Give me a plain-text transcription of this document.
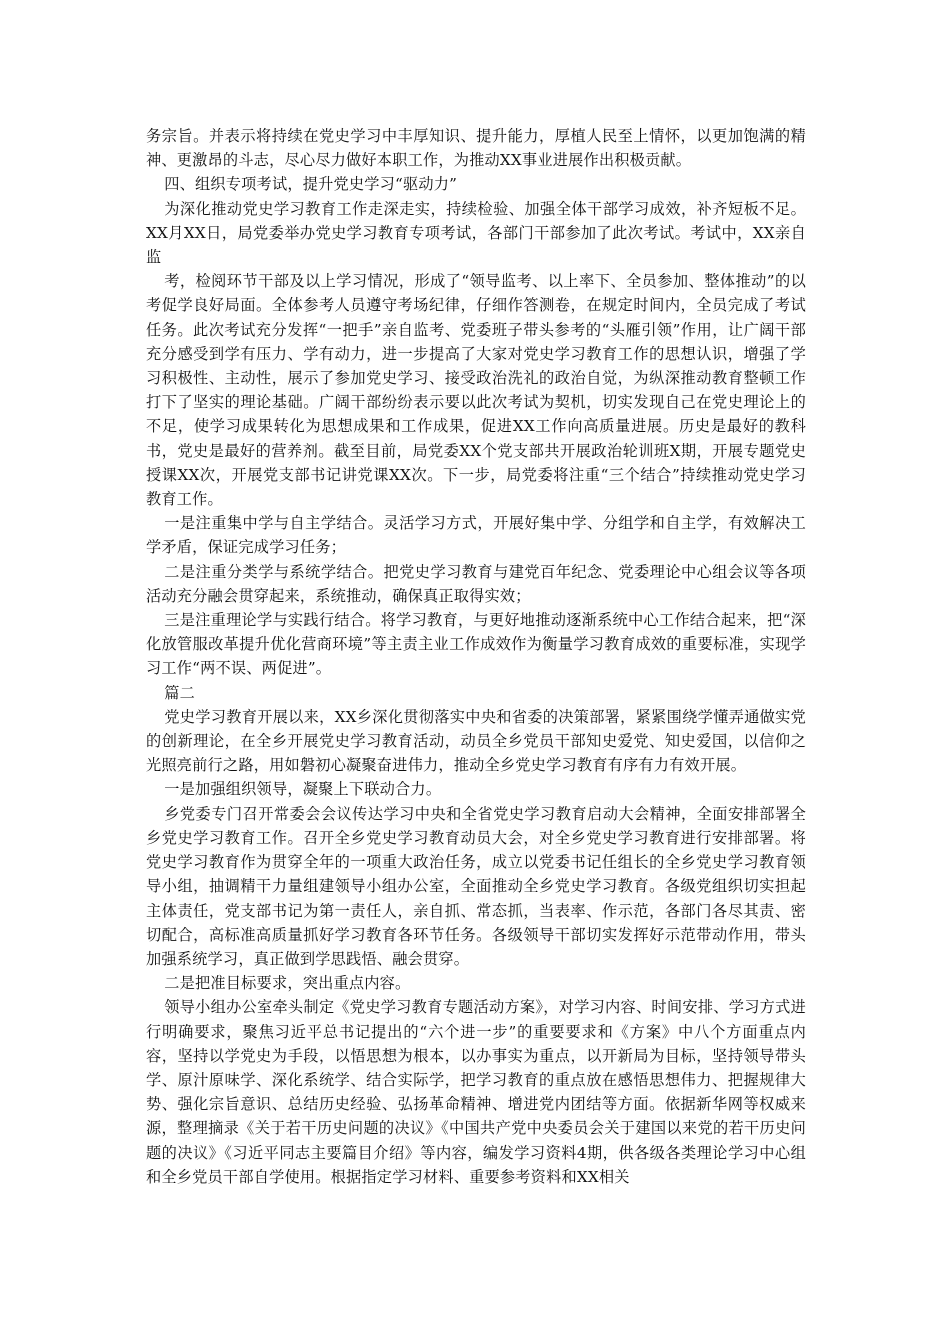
务宗旨。并表示将持续在党史学习中丰厚知识、提升能力，厚植人民至上情怀，以更加饱满的精神、更激昂的斗志，尽心尽力做好本职工作，为推动XX事业进展作出积极贡献。

四、组织专项考试，提升党史学习“驱动力”

为深化推动党史学习教育工作走深走实，持续检验、加强全体干部学习成效，补齐短板不足。XX月XX日，局党委举办党史学习教育专项考试，各部门干部参加了此次考试。考试中，XX亲自监

考，检阅环节干部及以上学习情况，形成了“领导监考、以上率下、全员参加、整体推动”的以考促学良好局面。全体参考人员遵守考场纪律，仔细作答测卷，在规定时间内，全员完成了考试任务。此次考试充分发挥“一把手”亲自监考、党委班子带头参考的“头雁引领”作用，让广阔干部充分感受到学有压力、学有动力，进一步提高了大家对党史学习教育工作的思想认识，增强了学习积极性、主动性，展示了参加党史学习、接受政治洗礼的政治自觉，为纵深推动教育整顿工作打下了坚实的理论基础。广阔干部纷纷表示要以此次考试为契机，切实发现自己在党史理论上的不足，使学习成果转化为思想成果和工作成果，促进XX工作向高质量进展。历史是最好的教科书，党史是最好的营养剂。截至目前，局党委XX个党支部共开展政治轮训班X期，开展专题党史授课XX次，开展党支部书记讲党课XX次。下一步，局党委将注重“三个结合”持续推动党史学习教育工作。

一是注重集中学与自主学结合。灵活学习方式，开展好集中学、分组学和自主学，有效解决工学矛盾，保证完成学习任务；

二是注重分类学与系统学结合。把党史学习教育与建党百年纪念、党委理论中心组会议等各项活动充分融会贯穿起来，系统推动，确保真正取得实效；

三是注重理论学与实践行结合。将学习教育，与更好地推动逐渐系统中心工作结合起来，把“深化放管服改革提升优化营商环境”等主责主业工作成效作为衡量学习教育成效的重要标准，实现学习工作“两不误、两促进”。

篇二

党史学习教育开展以来，XX乡深化贯彻落实中央和省委的决策部署，紧紧围绕学懂弄通做实党的创新理论，在全乡开展党史学习教育活动，动员全乡党员干部知史爱党、知史爱国，以信仰之光照亮前行之路，用如磐初心凝聚奋进伟力，推动全乡党史学习教育有序有力有效开展。

一是加强组织领导，凝聚上下联动合力。

乡党委专门召开常委会会议传达学习中央和全省党史学习教育启动大会精神，全面安排部署全乡党史学习教育工作。召开全乡党史学习教育动员大会，对全乡党史学习教育进行安排部署。将党史学习教育作为贯穿全年的一项重大政治任务，成立以党委书记任组长的全乡党史学习教育领导小组，抽调精干力量组建领导小组办公室，全面推动全乡党史学习教育。各级党组织切实担起主体责任，党支部书记为第一责任人，亲自抓、常态抓，当表率、作示范，各部门各尽其责、密切配合，高标准高质量抓好学习教育各环节任务。各级领导干部切实发挥好示范带动作用，带头加强系统学习，真正做到学思践悟、融会贯穿。

二是把准目标要求，突出重点内容。

领导小组办公室牵头制定《党史学习教育专题活动方案》，对学习内容、时间安排、学习方式进行明确要求，聚焦习近平总书记提出的“六个进一步”的重要要求和《方案》中八个方面重点内容，坚持以学党史为手段，以悟思想为根本，以办事实为重点，以开新局为目标，坚持领导带头学、原汁原味学、深化系统学、结合实际学，把学习教育的重点放在感悟思想伟力、把握规律大势、强化宗旨意识、总结历史经验、弘扬革命精神、增进党内团结等方面。依据新华网等权威来源，整理摘录《关于若干历史问题的决议》《中国共产党中央委员会关于建国以来党的若干历史问题的决议》《习近平同志主要篇目介绍》等内容，编发学习资料4期，供各级各类理论学习中心组和全乡党员干部自学使用。根据指定学习材料、重要参考资料和XX相关
